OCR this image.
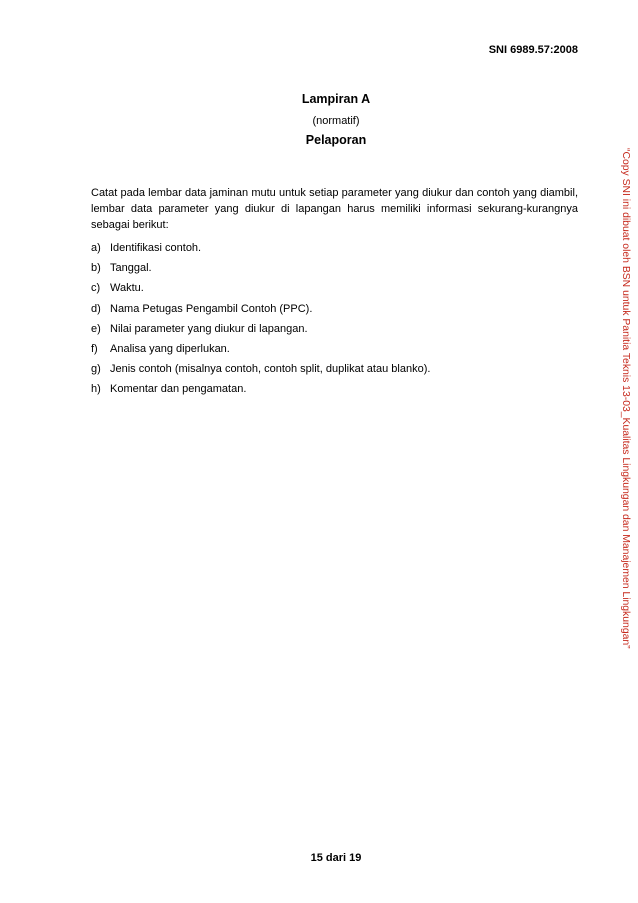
SNI 6989.57:2008
Lampiran A
(normatif)
Pelaporan
Catat pada lembar data jaminan mutu untuk setiap parameter yang diukur dan contoh yang diambil, lembar data parameter yang diukur di lapangan harus memiliki informasi sekurang-kurangnya sebagai berikut:
a) Identifikasi contoh.
b) Tanggal.
c) Waktu.
d) Nama Petugas Pengambil Contoh (PPC).
e) Nilai parameter yang diukur di lapangan.
f)	Analisa yang diperlukan.
g) Jenis contoh (misalnya contoh, contoh split, duplikat atau blanko).
h) Komentar dan pengamatan.	“Copy SNI ini dibuat oleh BSN untuk Panitia Teknis 13-03_Kualitas Lingkungan dan Manajemen Lingkungan”
15 dari 19
